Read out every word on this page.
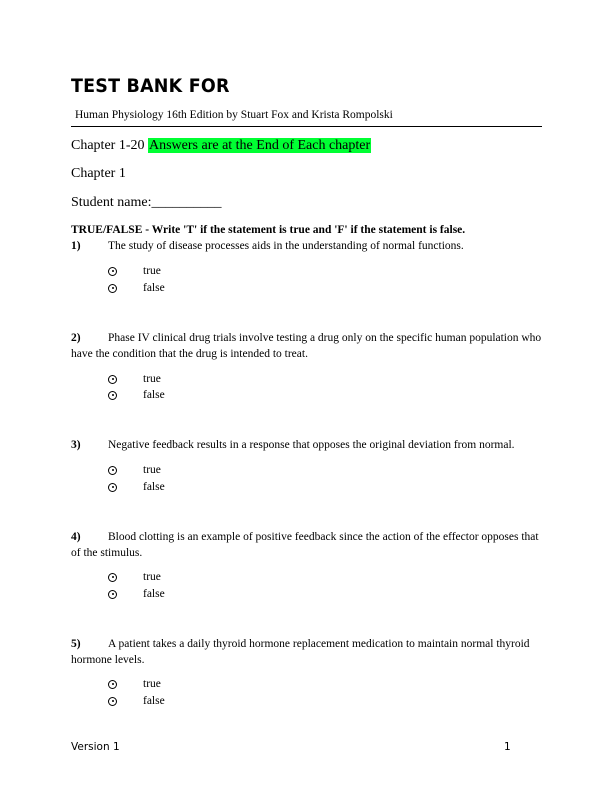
TEST BANK FOR
Human Physiology 16th Edition by Stuart Fox and Krista Rompolski
Chapter 1-20 Answers are at the End of Each chapter
Chapter 1
Student name:__________
TRUE/FALSE - Write 'T' if the statement is true and 'F' if the statement is false.
1) The study of disease processes aids in the understanding of normal functions.
true
false
2) Phase IV clinical drug trials involve testing a drug only on the specific human population who have the condition that the drug is intended to treat.
true
false
3) Negative feedback results in a response that opposes the original deviation from normal.
true
false
4) Blood clotting is an example of positive feedback since the action of the effector opposes that of the stimulus.
true
false
5) A patient takes a daily thyroid hormone replacement medication to maintain normal thyroid hormone levels.
true
false
Version 1	1
